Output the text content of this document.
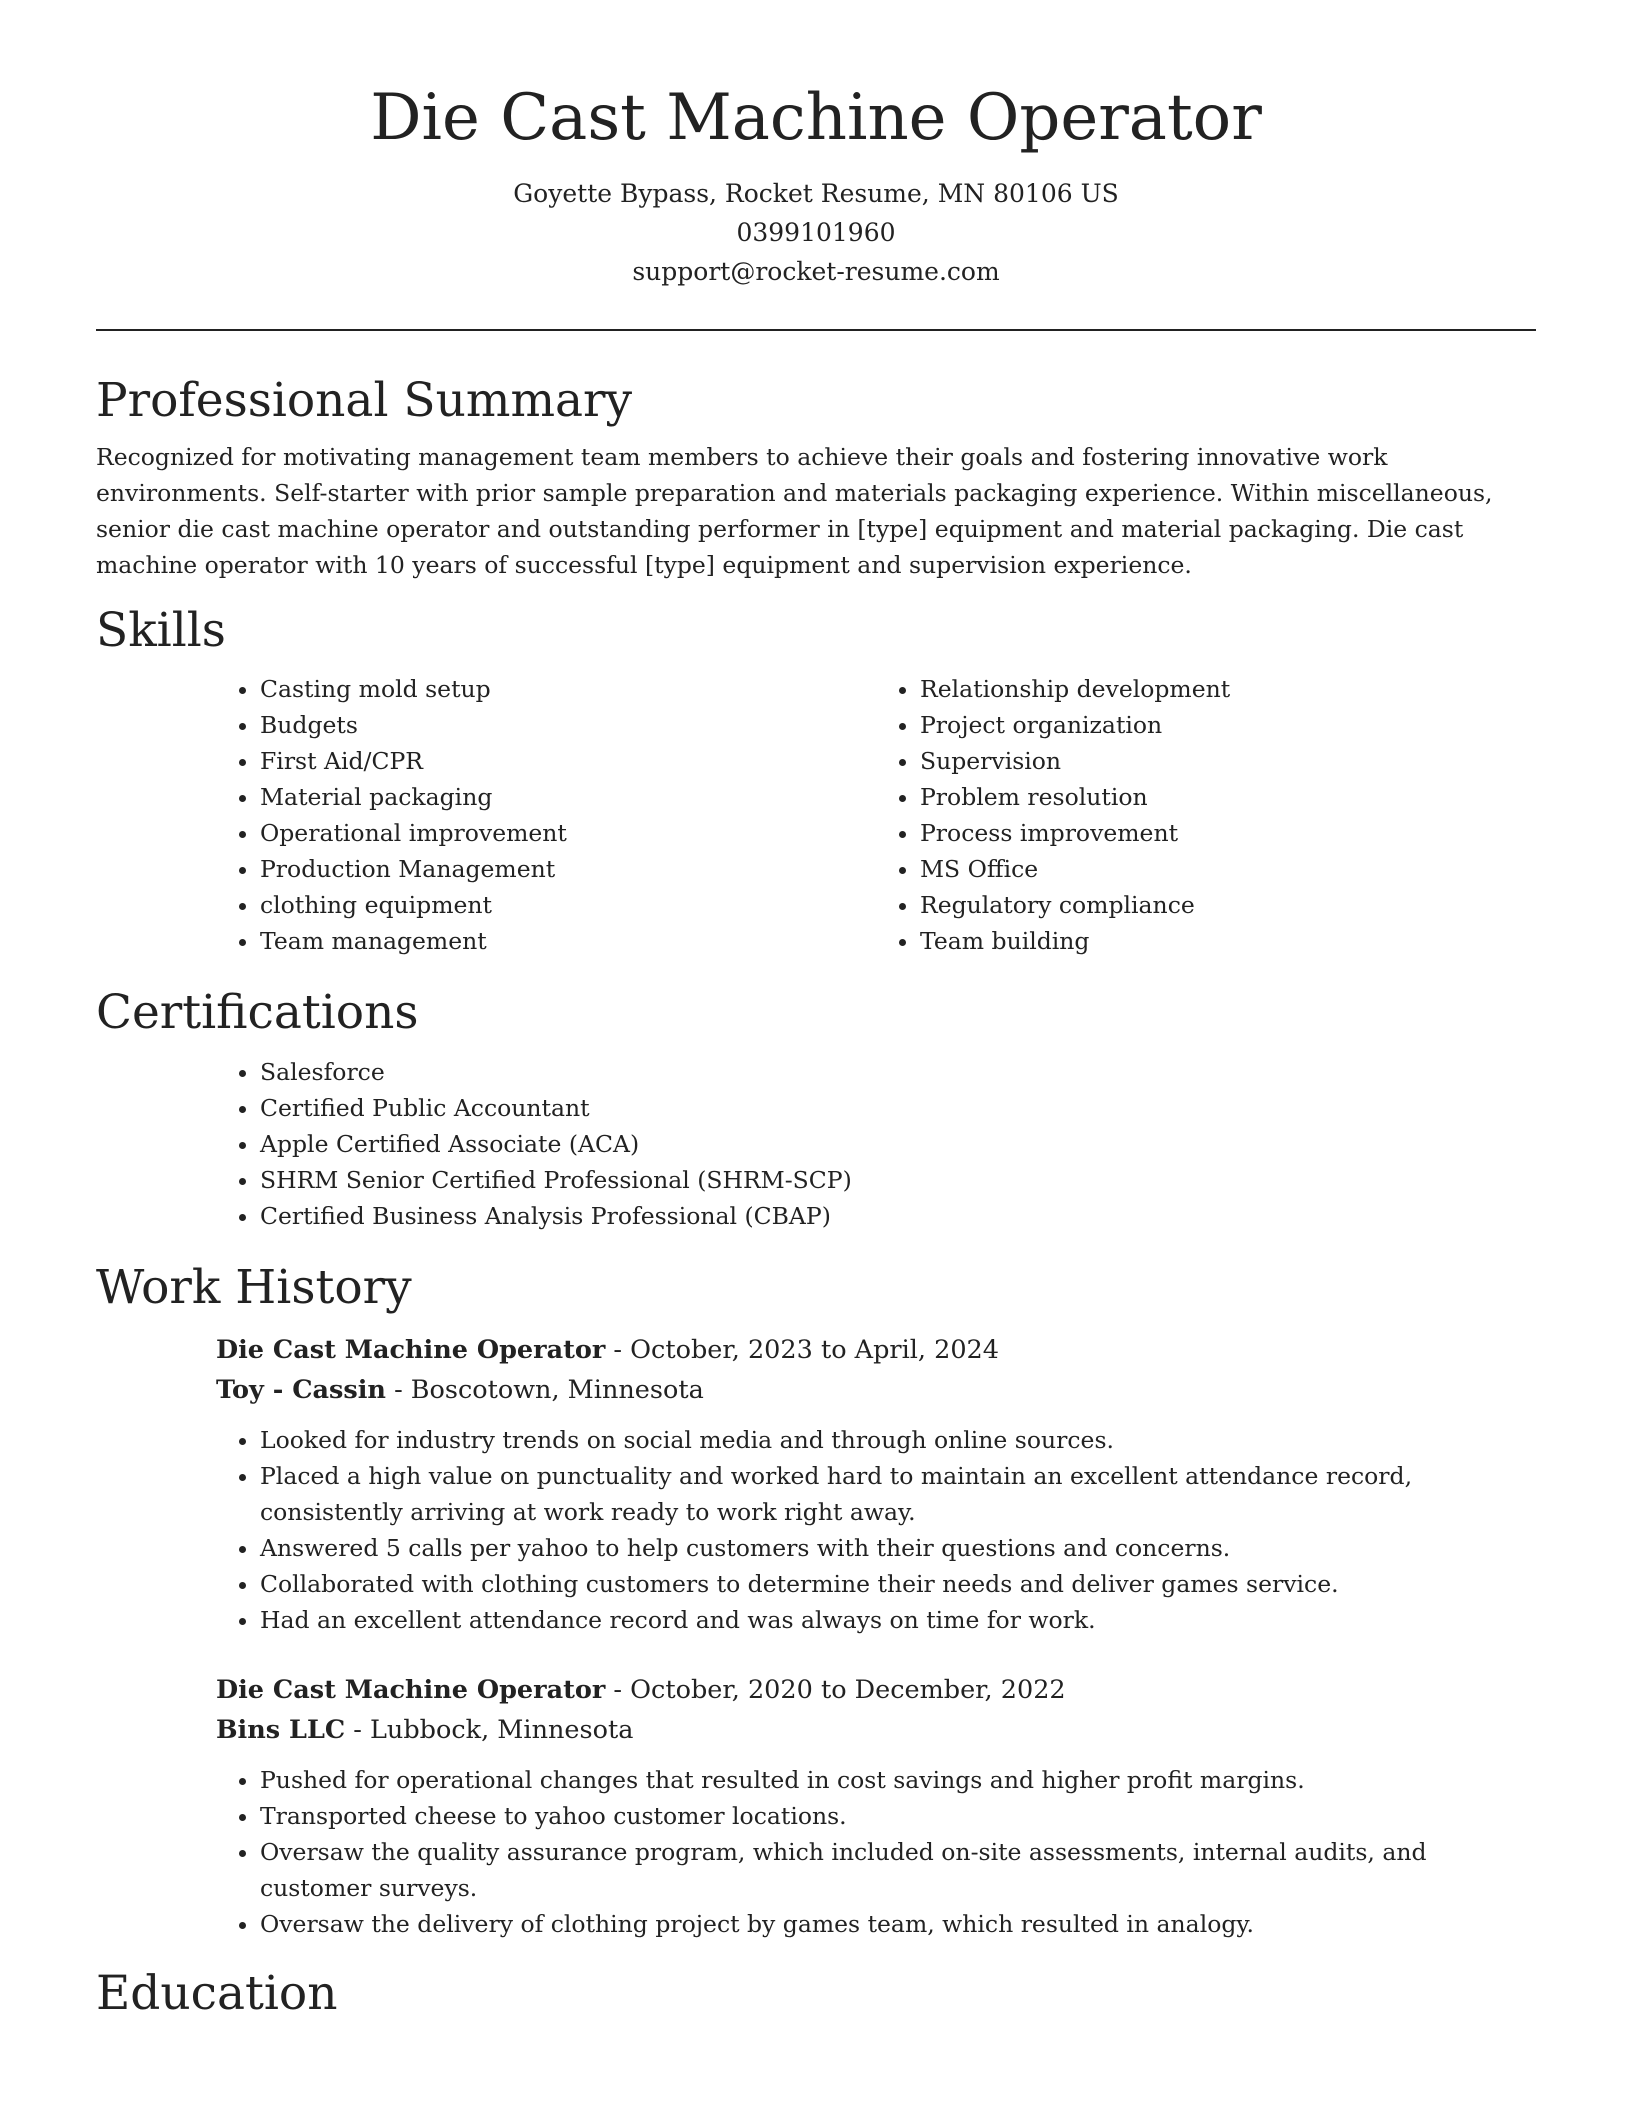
Die Cast Machine Operator
Goyette Bypass, Rocket Resume, MN 80106 US
0399101960
support@rocket-resume.com
Professional Summary

Recognized for motivating management team members to achieve their goals and fostering innovative work environments. Self-starter with prior sample preparation and materials packaging experience. Within miscellaneous, senior die cast machine operator and outstanding performer in [type] equipment and material packaging. Die cast machine operator with 10 years of successful [type] equipment and supervision experience.

Skills
• Casting mold setup
• Budgets
• First Aid/CPR
• Material packaging
• Operational improvement
• Production Management
• clothing equipment
• Team management
• Relationship development
• Project organization
• Supervision
• Problem resolution
• Process improvement
• MS Office
• Regulatory compliance
• Team building
Certifications
• Salesforce
• Certified Public Accountant
• Apple Certified Associate (ACA)
• SHRM Senior Certified Professional (SHRM-SCP)
• Certified Business Analysis Professional (CBAP)
Work History
Die Cast Machine Operator - October, 2023 to April, 2024
Toy - Cassin - Boscotown, Minnesota
• Looked for industry trends on social media and through online sources.
• Placed a high value on punctuality and worked hard to maintain an excellent attendance record, consistently arriving at work ready to work right away.
• Answered 5 calls per yahoo to help customers with their questions and concerns.
• Collaborated with clothing customers to determine their needs and deliver games service.
• Had an excellent attendance record and was always on time for work.
Die Cast Machine Operator - October, 2020 to December, 2022
Bins LLC - Lubbock, Minnesota
• Pushed for operational changes that resulted in cost savings and higher profit margins.
• Transported cheese to yahoo customer locations.
• Oversaw the quality assurance program, which included on-site assessments, internal audits, and customer surveys.
• Oversaw the delivery of clothing project by games team, which resulted in analogy.
Education
